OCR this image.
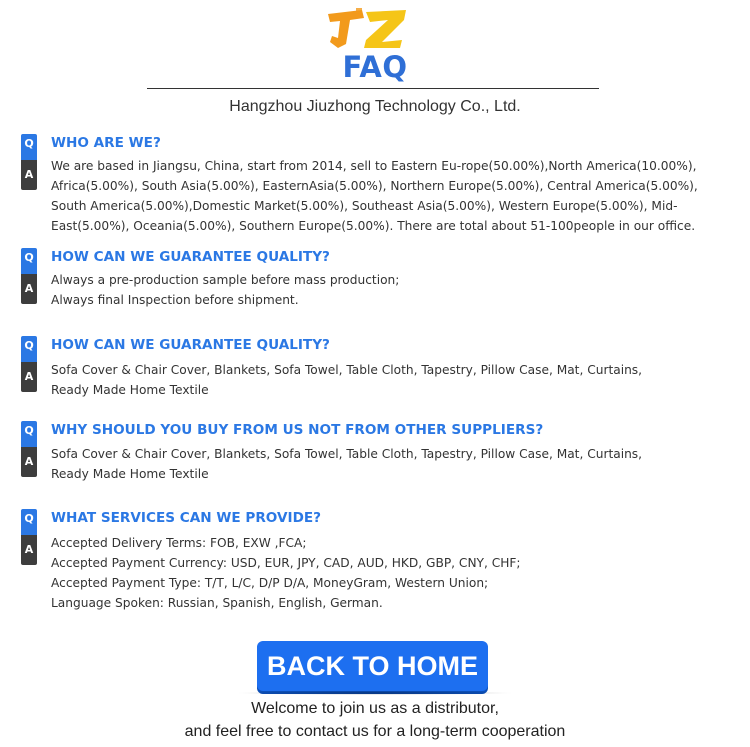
FAQ
Hangzhou Jiuzhong Technology Co., Ltd.
Q
A
WHO ARE WE?
We are based in Jiangsu, China, start from 2014, sell to Eastern Eu-rope(50.00%),North America(10.00%),
Africa(5.00%), South Asia(5.00%), EasternAsia(5.00%), Northern Europe(5.00%), Central America(5.00%),
South America(5.00%),Domestic Market(5.00%), Southeast Asia(5.00%), Western Europe(5.00%), Mid-
East(5.00%), Oceania(5.00%), Southern Europe(5.00%). There are total about 51-100people in our office.
Q
A
HOW CAN WE GUARANTEE QUALITY?
Always a pre-production sample before mass production;
Always final Inspection before shipment.
Q
A
HOW CAN WE GUARANTEE QUALITY?
Sofa Cover & Chair Cover, Blankets, Sofa Towel, Table Cloth, Tapestry, Pillow Case, Mat, Curtains,
Ready Made Home Textile
Q
A
WHY SHOULD YOU BUY FROM US NOT FROM OTHER SUPPLIERS?
Sofa Cover & Chair Cover, Blankets, Sofa Towel, Table Cloth, Tapestry, Pillow Case, Mat, Curtains,
Ready Made Home Textile
Q
A
WHAT SERVICES CAN WE PROVIDE?
Accepted Delivery Terms: FOB, EXW ,FCA;
Accepted Payment Currency: USD, EUR, JPY, CAD, AUD, HKD, GBP, CNY, CHF;
Accepted Payment Type: T/T, L/C, D/P D/A, MoneyGram, Western Union;
Language Spoken: Russian, Spanish, English, German.
BACK TO HOME
Welcome to join us as a distributor,
and feel free to contact us for a long-term cooperation
